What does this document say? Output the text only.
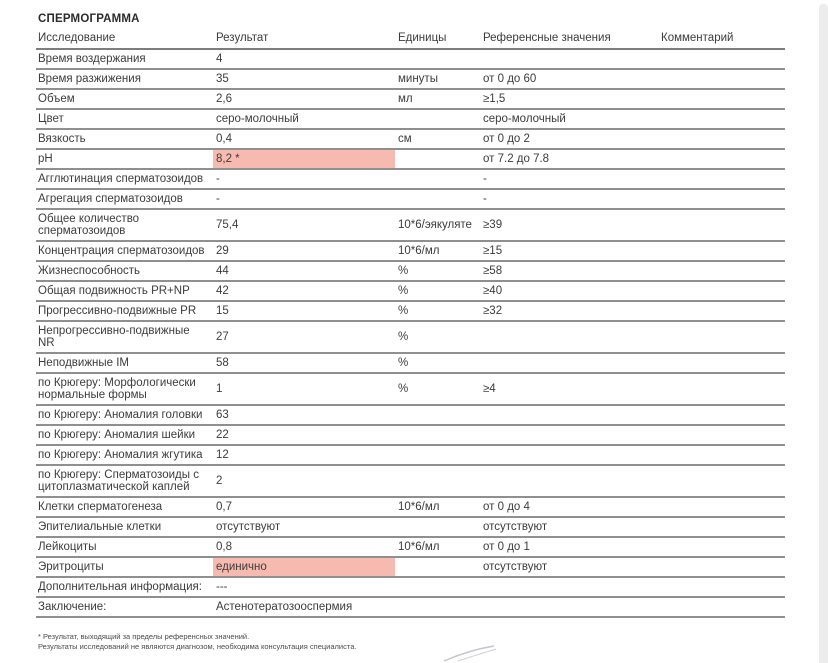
СПЕРМОГРАММА
Исследование	Результат	Единицы	Референсные значения	Комментарий
Время воздержания	4			
Время разжижения	35	минуты	от 0 до 60	
Объем	2,6	мл	≥1,5	
Цвет	серо-молочный		серо-молочный	
Вязкость	0,4	см	от 0 до 2	
pH	8,2 *		от 7.2 до 7.8	
Агглютинация сперматозоидов	-		-	
Агрегация сперматозоидов	-		-	
Общее количество сперматозоидов	75,4	10*6/эякуляте	≥39	
Концентрация сперматозоидов	29	10*6/мл	≥15	
Жизнеспособность	44	%	≥58	
Общая подвижность PR+NP	42	%	≥40	
Прогрессивно-подвижные PR	15	%	≥32	
Непрогрессивно-подвижные NR	27	%		
Неподвижные IM	58	%		
по Крюгеру: Морфологически нормальные формы	1	%	≥4	
по Крюгеру: Аномалия головки	63			
по Крюгеру: Аномалия шейки	22			
по Крюгеру: Аномалия жгутика	12			
по Крюгеру: Сперматозоиды с цитоплазматической каплей	2			
Клетки сперматогенеза	0,7	10*6/мл	от 0 до 4	
Эпителиальные клетки	отсутствуют		отсутствуют	
Лейкоциты	0,8	10*6/мл	от 0 до 1	
Эритроциты	единично		отсутствуют	
Дополнительная информация:	---			
Заключение:	Астенотератозооспермия			
* Результат, выходящий за пределы референсных значений.
Результаты исследований не являются диагнозом, необходима консультация специалиста.
